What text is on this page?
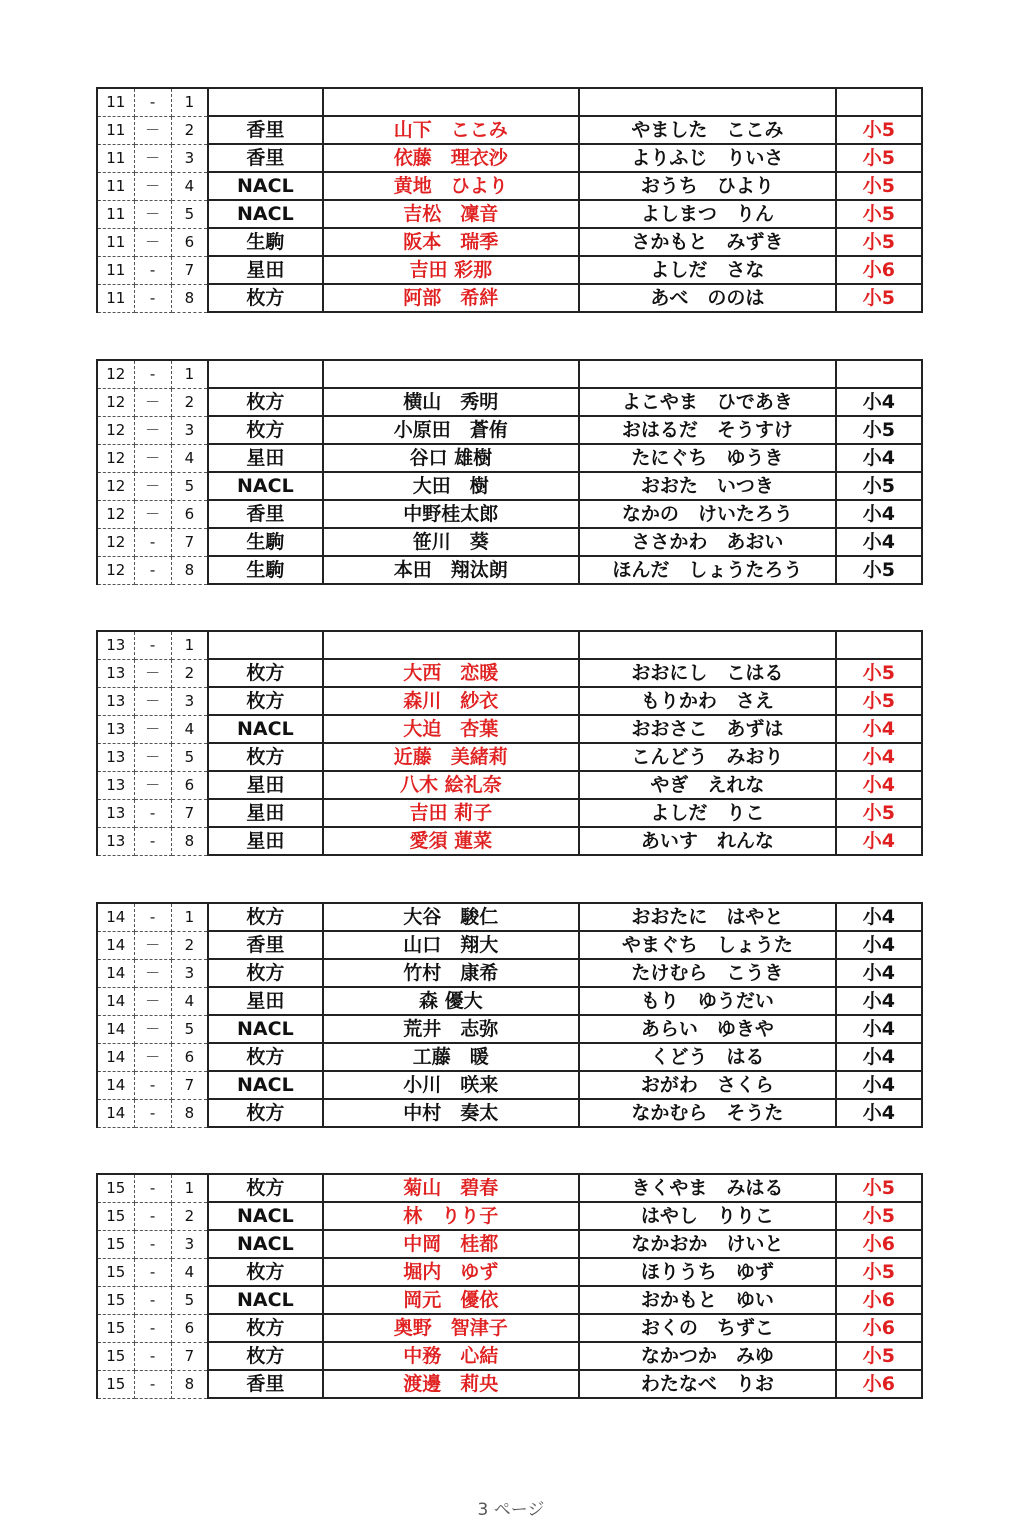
11	-	1				
11	－	2	香里	山下　ここみ	やました　ここみ	小5
11	－	3	香里	依藤　理衣沙	よりふじ　りいさ	小5
11	－	4	NACL	黄地　ひより	おうち　ひより	小5
11	－	5	NACL	吉松　凜音	よしまつ　りん	小5
11	－	6	生駒	阪本　瑞季	さかもと　みずき	小5
11	-	7	星田	吉田 彩那	よしだ　さな	小6
11	-	8	枚方	阿部　希絆	あべ　ののは	小5
12	-	1				
12	－	2	枚方	横山　秀明	よこやま　ひであき	小4
12	－	3	枚方	小原田　蒼侑	おはるだ　そうすけ	小5
12	－	4	星田	谷口 雄樹	たにぐち　ゆうき	小4
12	－	5	NACL	大田　樹	おおた　いつき	小5
12	－	6	香里	中野桂太郎	なかの　けいたろう	小4
12	-	7	生駒	笹川　葵	ささかわ　あおい	小4
12	-	8	生駒	本田　翔汰朗	ほんだ　しょうたろう	小5
13	-	1				
13	－	2	枚方	大西　恋暖	おおにし　こはる	小5
13	－	3	枚方	森川　紗衣	もりかわ　さえ	小5
13	－	4	NACL	大迫　杏葉	おおさこ　あずは	小4
13	－	5	枚方	近藤　美緒莉	こんどう　みおり	小4
13	－	6	星田	八木 絵礼奈	やぎ　えれな	小4
13	-	7	星田	吉田 莉子	よしだ　りこ	小5
13	-	8	星田	愛須 蓮菜	あいす　れんな	小4
14	-	1	枚方	大谷　駿仁	おおたに　はやと	小4
14	－	2	香里	山口　翔大	やまぐち　しょうた	小4
14	－	3	枚方	竹村　康希	たけむら　こうき	小4
14	－	4	星田	森 優大	もり　ゆうだい	小4
14	－	5	NACL	荒井　志弥	あらい　ゆきや	小4
14	－	6	枚方	工藤　暖	くどう　はる	小4
14	-	7	NACL	小川　咲来	おがわ　さくら	小4
14	-	8	枚方	中村　奏太	なかむら　そうた	小4
15	-	1	枚方	菊山　碧春	きくやま　みはる	小5
15	-	2	NACL	林　りり子	はやし　りりこ	小5
15	-	3	NACL	中岡　桂都	なかおか　けいと	小6
15	-	4	枚方	堀内　ゆず	ほりうち　ゆず	小5
15	-	5	NACL	岡元　優依	おかもと　ゆい	小6
15	-	6	枚方	奥野　智津子	おくの　ちずこ	小6
15	-	7	枚方	中務　心結	なかつか　みゆ	小5
15	-	8	香里	渡邊　莉央	わたなべ　りお	小6
3 ページ
